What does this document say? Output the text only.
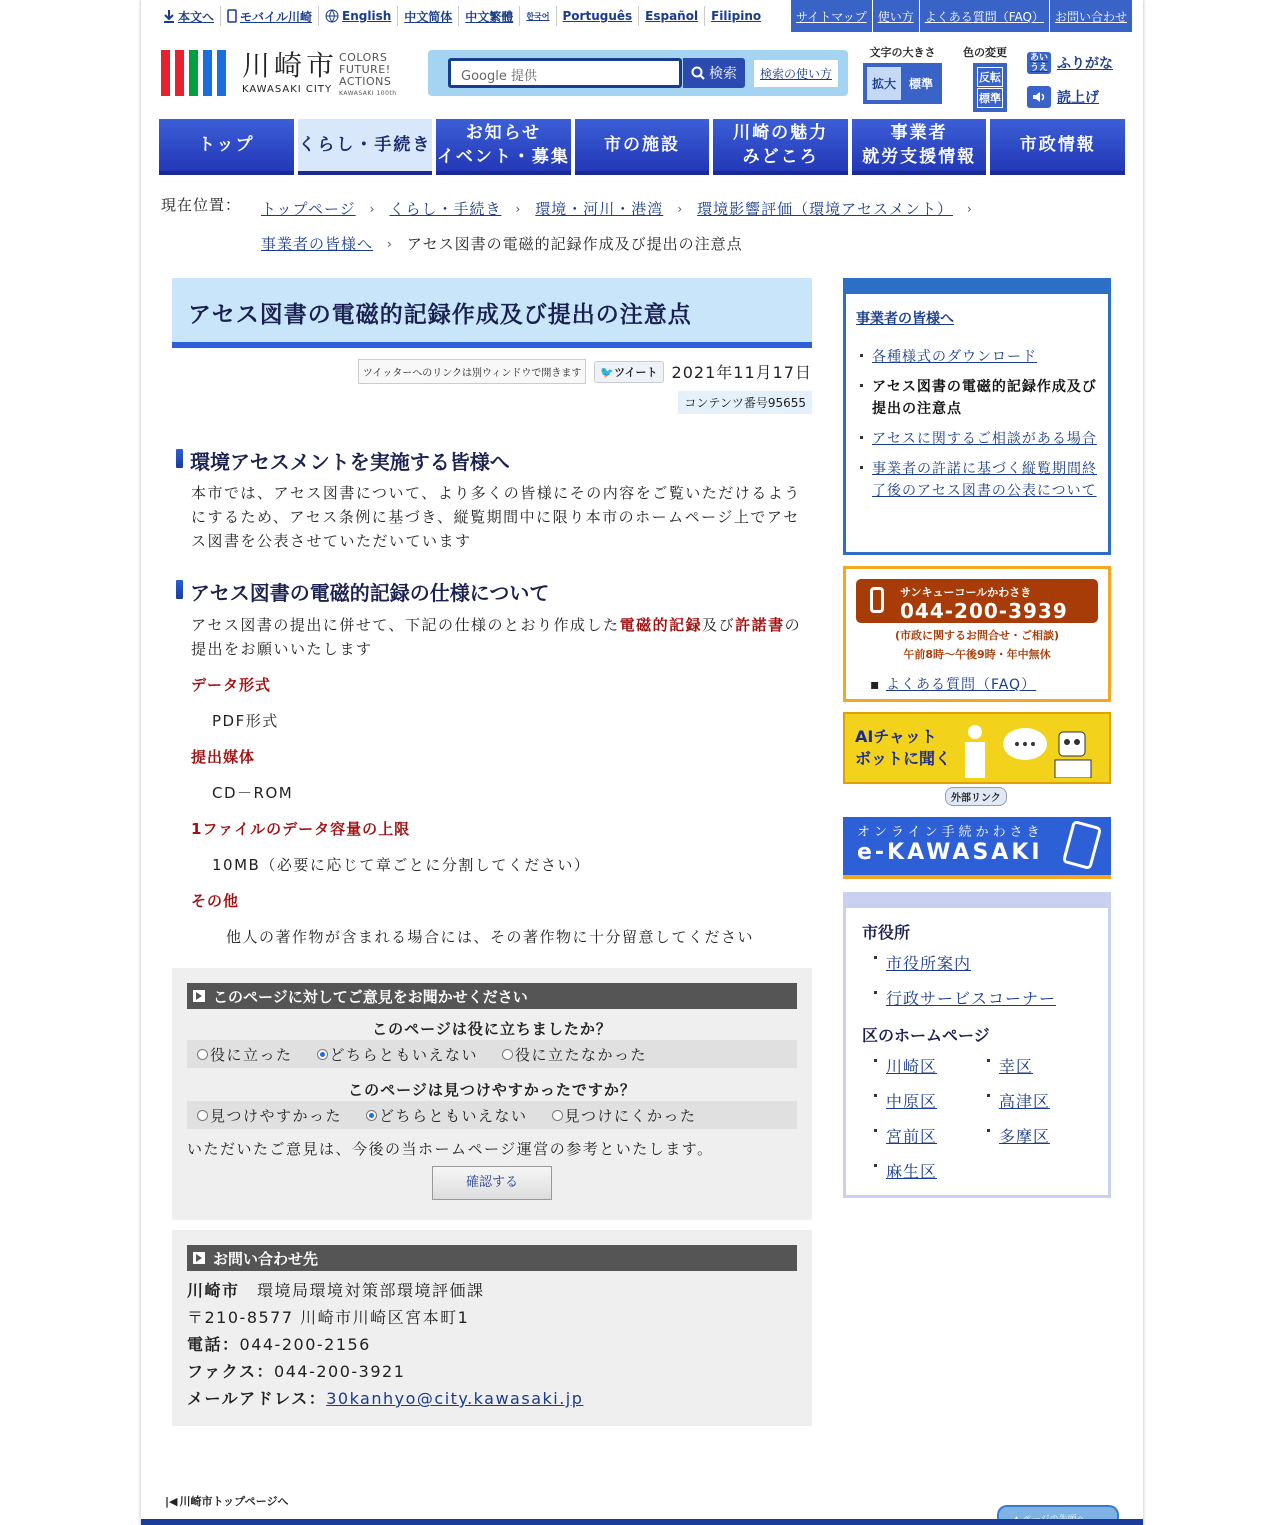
本文へ モバイル川崎	English	中文简体	中文繁體	한국어	Português	Español	Filipino	サイトマップ 使い方 よくある質問（FAQ） お問い合わせ
川崎市
KAWASAKI CITY
COLORS
FUTURE!
ACTIONS
KAWASAKI 100th
Google 提供	検索	検索の使い方
文字の大きさ
拡大	標準
色の変更
反転
標準
あいうえ ふりがな
読上げ
トップ	くらし・手続き
お知らせ
イベント・募集
市の施設
川崎の魅力
みどころ
事業者
就労支援情報
市政情報
現在位置： トップページ › くらし・手続き › 環境・河川・港湾 › 環境影響評価（環境アセスメント） ›
事業者の皆様へ › アセス図書の電磁的記録作成及び提出の注意点
アセス図書の電磁的記録作成及び提出の注意点
ツイッターへのリンクは別ウィンドウで開きます	🐦ツイート 2021年11月17日
コンテンツ番号95655
環境アセスメントを実施する皆様へ
本市では、アセス図書について、より多くの皆様にその内容をご覧いただけるようにするため、アセス条例に基づき、縦覧期間中に限り本市のホームページ上でアセス図書を公表させていただいています
アセス図書の電磁的記録の仕様について
アセス図書の提出に併せて、下記の仕様のとおり作成した電磁的記録及び許諾書の提出をお願いいたします
データ形式
PDF形式
提出媒体
CD－ROM
1ファイルのデータ容量の上限
10MB（必要に応じて章ごとに分割してください）
その他
他人の著作物が含まれる場合には、その著作物に十分留意してください
このページに対してご意見をお聞かせください
このページは役に立ちましたか？
役に立った どちらともいえない 役に立たなかった
このページは見つけやすかったですか？
見つけやすかった どちらともいえない 見つけにくかった
いただいたご意見は、今後の当ホームページ運営の参考といたします。
確認する
お問い合わせ先
川崎市　 環境局環境対策部環境評価課
〒210-8577 川崎市川崎区宮本町1
電話：044-200-2156
ファクス：044-200-3921
メールアドレス：30kanhyo@city.kawasaki.jp
事業者の皆様へ
各種様式のダウンロード
アセス図書の電磁的記録作成及び提出の注意点
アセスに関するご相談がある場合
事業者の許諾に基づく縦覧期間終了後のアセス図書の公表について
サンキューコールかわさき
044-200-3939
(市政に関するお問合せ・ご相談)
午前8時～午後9時・年中無休
▪ よくある質問（FAQ）
AIチャット
ボットに聞く
外部リンク
オンライン手続かわさき
e-KAWASAKI
市役所
市役所案内
行政サービスコーナー
区のホームページ
川崎区	幸区
中原区	高津区
宮前区	多摩区
麻生区
|◀ 川崎市トップページへ
